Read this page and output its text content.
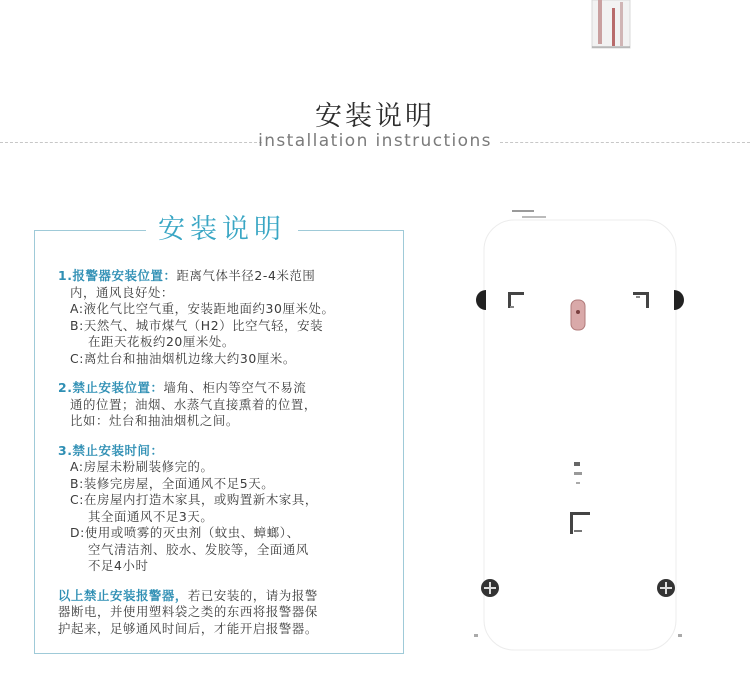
安装说明
installation instructions
安装说明
1.报警器安装位置：距离气体半径2-4米范围
内，通风良好处：
A:液化气比空气重，安装距地面约30厘米处。
B:天然气、城市煤气（H2）比空气轻，安装
在距天花板约20厘米处。
C:离灶台和抽油烟机边缘大约30厘米。
2.禁止安装位置：墙角、柜内等空气不易流
通的位置；油烟、水蒸气直接熏着的位置，
比如：灶台和抽油烟机之间。
3.禁止安装时间：
A:房屋未粉刷装修完的。
B:装修完房屋，全面通风不足5天。
C:在房屋内打造木家具，或购置新木家具，
其全面通风不足3天。
D:使用或喷雾的灭虫剂（蚊虫、蟑螂）、
空气清洁剂、胶水、发胶等，全面通风
不足4小时
以上禁止安装报警器，若已安装的，请为报警
器断电，并使用塑料袋之类的东西将报警器保
护起来，足够通风时间后，才能开启报警器。
